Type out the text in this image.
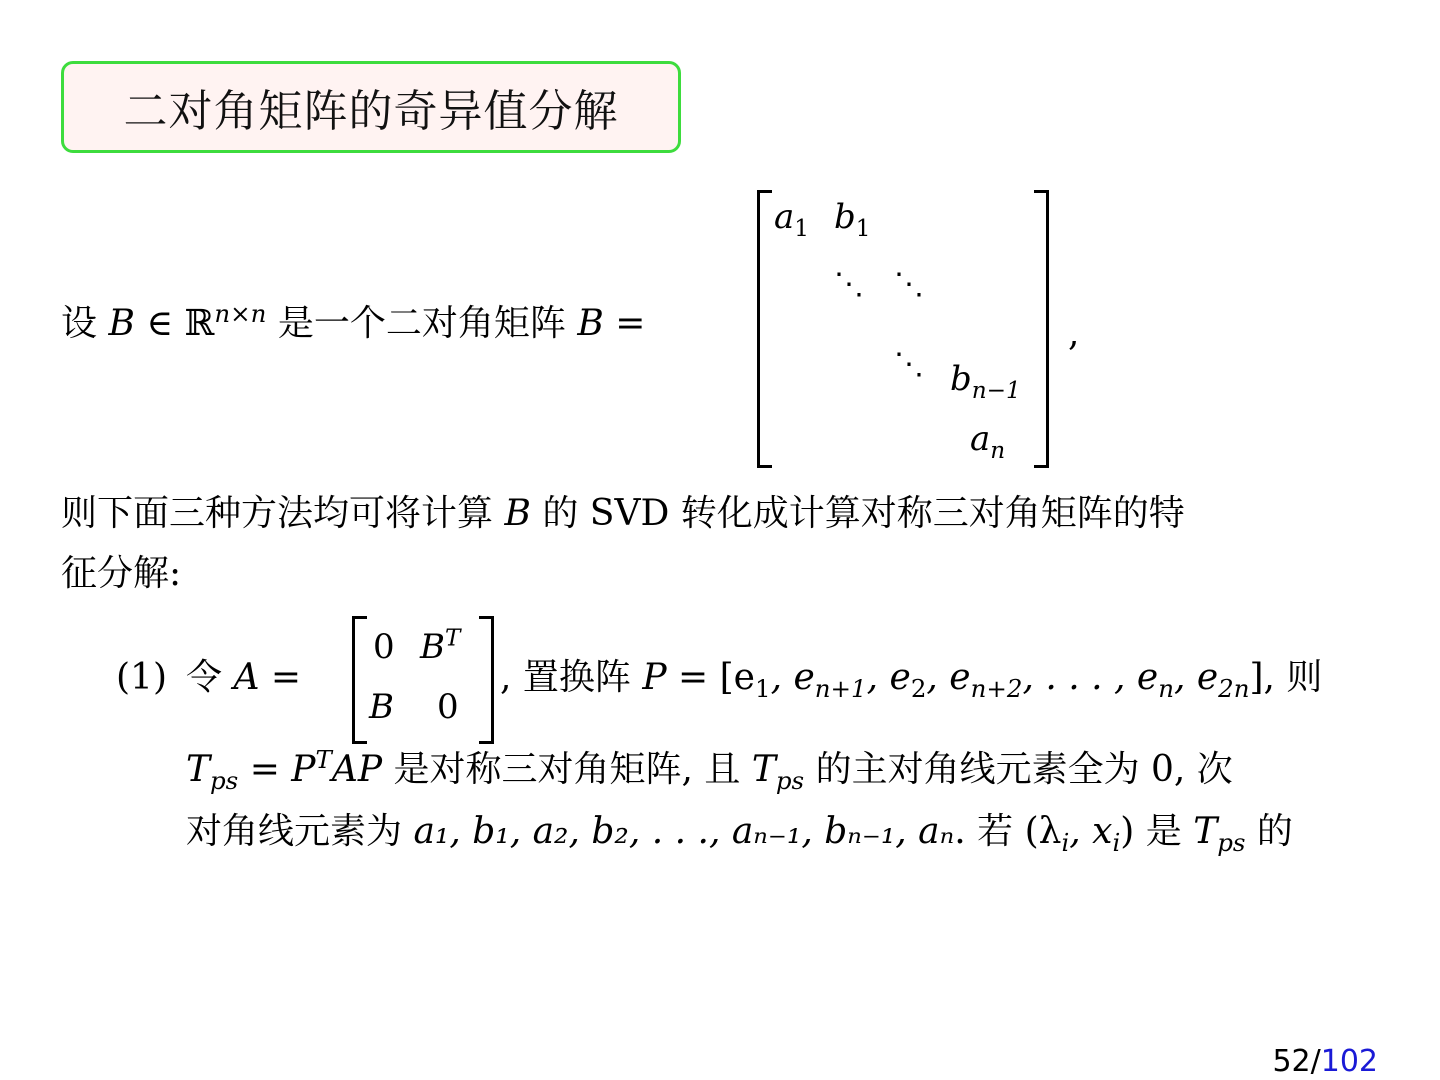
二对角矩阵的奇异值分解
设 B ∈ ℝ$^{n\times n}$ 是一个二对角矩阵 B =
$a_1$ $b_1$
⋱ ⋱
⋱ $b_{n-1}$
$a_n$
,
则下面三种方法均可将计算 B 的 SVD 转化成计算对称三对角矩阵的特
征分解:
(1) 令 A =
0 $B^T$
B 0
, 置换阵 $P = [e_1$, $e_{n+1}$, $e_2$, $e_{n+2}$, . . . , $e_n$, $e_{2n}$], 则
$T_{ps} = P^TAP$ 是对称三对角矩阵, 且 $T_{ps}$ 的主对角线元素全为 0, 次
对角线元素为 a₁, b₁, a₂, b₂, . . ., aₙ₋₁, bₙ₋₁, aₙ. 若 ($\lambda_i$, $x_i$) 是 $T_{ps}$ 的
52/102
